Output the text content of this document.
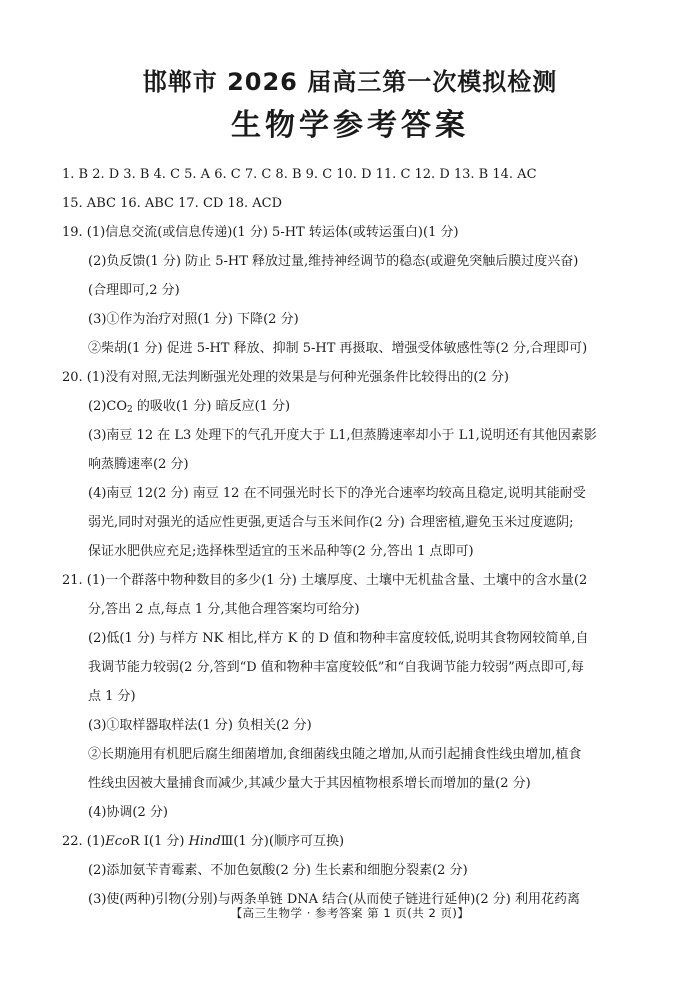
邯郸市 2026 届高三第一次模拟检测
生物学参考答案
1. B 2. D 3. B 4. C 5. A 6. C 7. C 8. B 9. C 10. D 11. C 12. D 13. B 14. AC
15. ABC 16. ABC 17. CD 18. ACD
19. (1)信息交流(或信息传递)(1 分) 5-HT 转运体(或转运蛋白)(1 分)
(2)负反馈(1 分) 防止 5-HT 释放过量,维持神经调节的稳态(或避免突触后膜过度兴奋)
(合理即可,2 分)
(3)①作为治疗对照(1 分) 下降(2 分)
②柴胡(1 分) 促进 5-HT 释放、抑制 5-HT 再摄取、增强受体敏感性等(2 分,合理即可)
20. (1)没有对照,无法判断强光处理的效果是与何种光强条件比较得出的(2 分)
$(2)CO_2$ 的吸收(1 分) 暗反应(1 分)
(3)南豆 12 在 L3 处理下的气孔开度大于 L1,但蒸腾速率却小于 L1,说明还有其他因素影
响蒸腾速率(2 分)
(4)南豆 12(2 分) 南豆 12 在不同强光时长下的净光合速率均较高且稳定,说明其能耐受
弱光,同时对强光的适应性更强,更适合与玉米间作(2 分) 合理密植,避免玉米过度遮阴;
保证水肥供应充足;选择株型适宜的玉米品种等(2 分,答出 1 点即可)
21. (1)一个群落中物种数目的多少(1 分) 土壤厚度、土壤中无机盐含量、土壤中的含水量(2
分,答出 2 点,每点 1 分,其他合理答案均可给分)
(2)低(1 分) 与样方 NK 相比,样方 K 的 D 值和物种丰富度较低,说明其食物网较简单,自
我调节能力较弱(2 分,答到“D 值和物种丰富度较低”和“自我调节能力较弱”两点即可,每
点 1 分)
(3)①取样器取样法(1 分) 负相关(2 分)
②长期施用有机肥后腐生细菌增加,食细菌线虫随之增加,从而引起捕食性线虫增加,植食
性线虫因被大量捕食而减少,其减少量大于其因植物根系增长而增加的量(2 分)
(4)协调(2 分)
22. (1)EcoR Ⅰ(1 分) HindⅢ(1 分)(顺序可互换)
(2)添加氨苄青霉素、不加色氨酸(2 分) 生长素和细胞分裂素(2 分)
(3)使(两种)引物(分别)与两条单链 DNA 结合(从而使子链进行延伸)(2 分) 利用花药离
【高三生物学 · 参考答案 第 1 页(共 2 页)】
